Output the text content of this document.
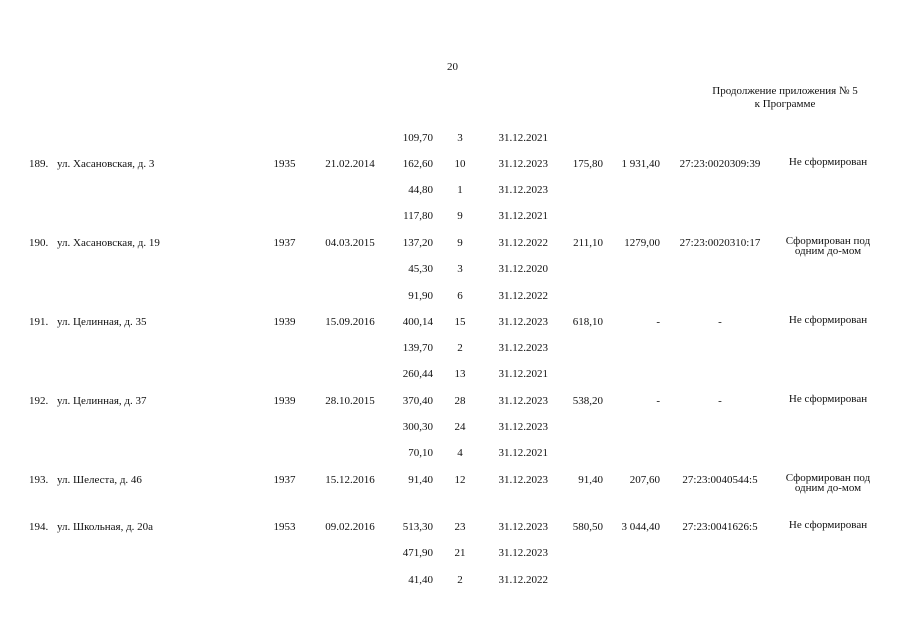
20
Продолжение приложения № 5
к Программе
109,70	3	31.12.2021
189. ул. Хасановская, д. 3	1935	21.02.2014	162,60	10	31.12.2023	175,80	1 931,40	27:23:0020309:39	Не сформирован
44,80	1	31.12.2023
117,80	9	31.12.2021
190. ул. Хасановская, д. 19	1937	04.03.2015	137,20	9	31.12.2022	211,10	1279,00	27:23:0020310:17	Сформирован под одним до-мом
45,30	3	31.12.2020
91,90	6	31.12.2022
191. ул. Целинная, д. 35	1939	15.09.2016	400,14	15	31.12.2023	618,10	-	-	Не сформирован
139,70	2	31.12.2023
260,44	13	31.12.2021
192. ул. Целинная, д. 37	1939	28.10.2015	370,40	28	31.12.2023	538,20	-	-	Не сформирован
300,30	24	31.12.2023
70,10	4	31.12.2021
193. ул. Шелеста, д. 46	1937	15.12.2016	91,40	12	31.12.2023	91,40	207,60	27:23:0040544:5	Сформирован под одним до-мом
194. ул. Школьная, д. 20а	1953	09.02.2016	513,30	23	31.12.2023	580,50	3 044,40	27:23:0041626:5	Не сформирован
471,90	21	31.12.2023
41,40	2	31.12.2022
